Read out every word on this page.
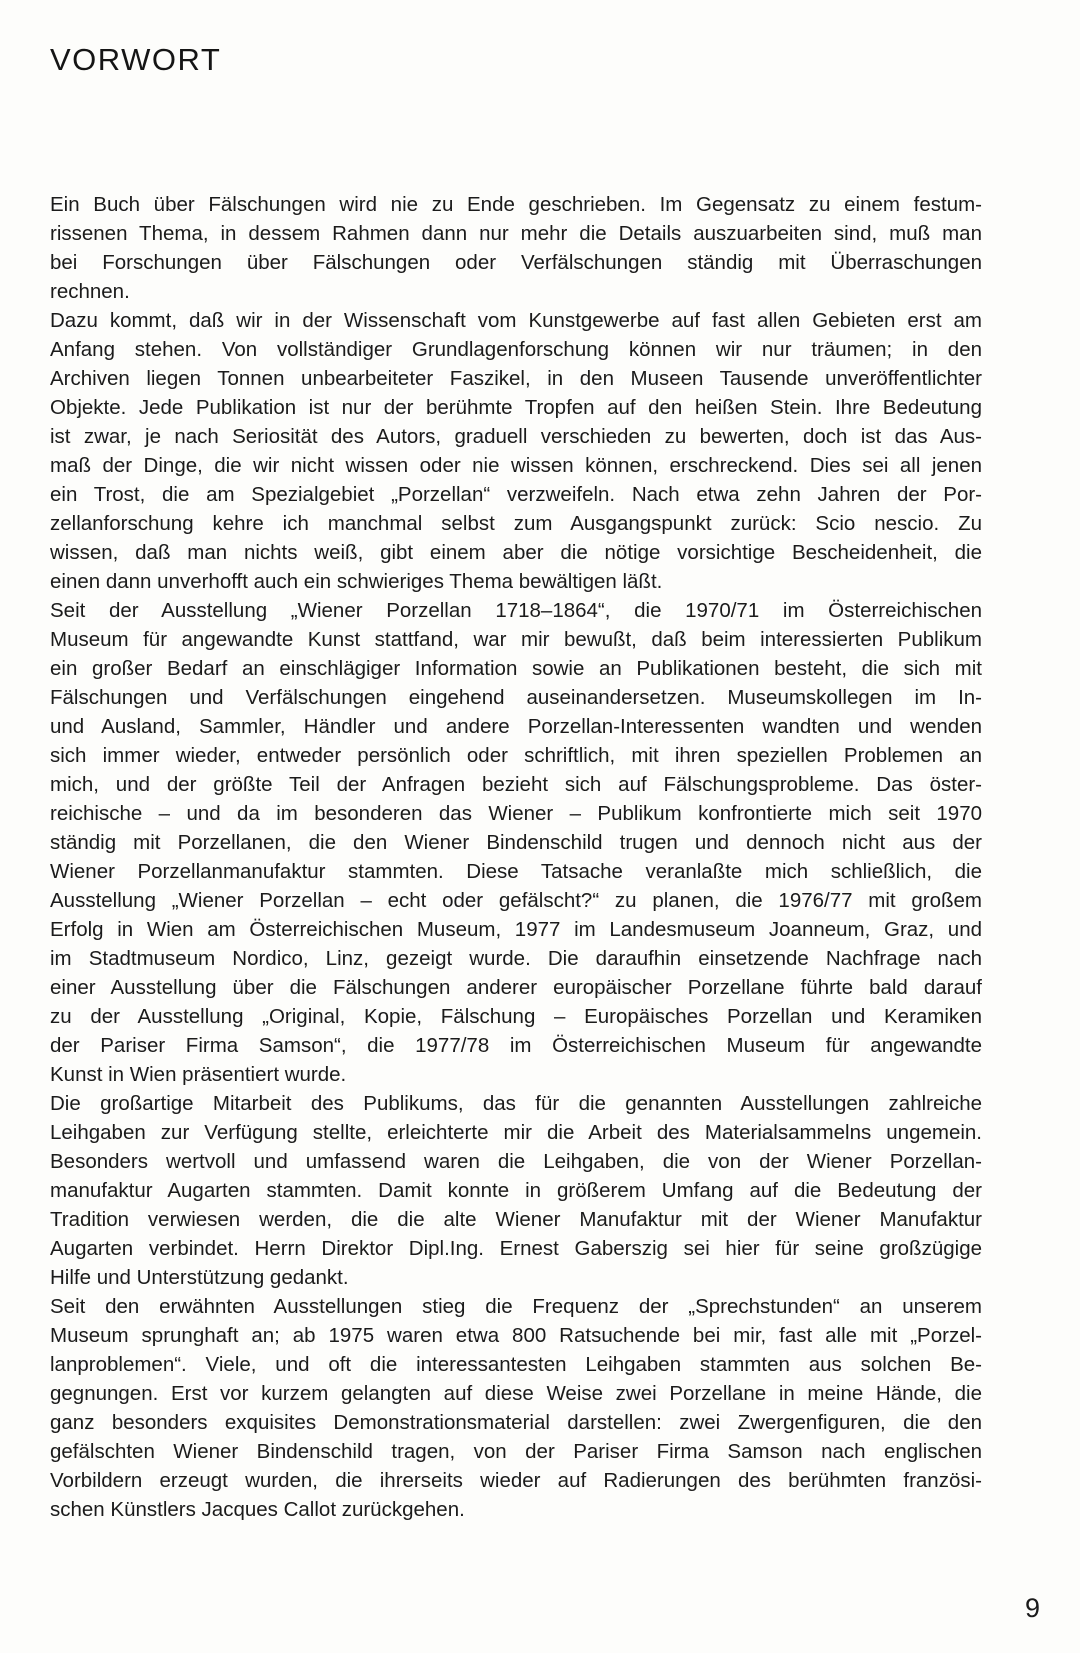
VORWORT
Ein Buch über Fälschungen wird nie zu Ende geschrieben. Im Gegensatz zu einem festum-
rissenen Thema, in dessem Rahmen dann nur mehr die Details auszuarbeiten sind, muß man
bei Forschungen über Fälschungen oder Verfälschungen ständig mit Überraschungen
rechnen.
Dazu kommt, daß wir in der Wissenschaft vom Kunstgewerbe auf fast allen Gebieten erst am
Anfang stehen. Von vollständiger Grundlagenforschung können wir nur träumen; in den
Archiven liegen Tonnen unbearbeiteter Faszikel, in den Museen Tausende unveröffentlichter
Objekte. Jede Publikation ist nur der berühmte Tropfen auf den heißen Stein. Ihre Bedeutung
ist zwar, je nach Seriosität des Autors, graduell verschieden zu bewerten, doch ist das Aus-
maß der Dinge, die wir nicht wissen oder nie wissen können, erschreckend. Dies sei all jenen
ein Trost, die am Spezialgebiet „Porzellan“ verzweifeln. Nach etwa zehn Jahren der Por-
zellanforschung kehre ich manchmal selbst zum Ausgangspunkt zurück: Scio nescio. Zu
wissen, daß man nichts weiß, gibt einem aber die nötige vorsichtige Bescheidenheit, die
einen dann unverhofft auch ein schwieriges Thema bewältigen läßt.
Seit der Ausstellung „Wiener Porzellan 1718–1864“, die 1970/71 im Österreichischen
Museum für angewandte Kunst stattfand, war mir bewußt, daß beim interessierten Publikum
ein großer Bedarf an einschlägiger Information sowie an Publikationen besteht, die sich mit
Fälschungen und Verfälschungen eingehend auseinandersetzen. Museumskollegen im In-
und Ausland, Sammler, Händler und andere Porzellan-Interessenten wandten und wenden
sich immer wieder, entweder persönlich oder schriftlich, mit ihren speziellen Problemen an
mich, und der größte Teil der Anfragen bezieht sich auf Fälschungsprobleme. Das öster-
reichische – und da im besonderen das Wiener – Publikum konfrontierte mich seit 1970
ständig mit Porzellanen, die den Wiener Bindenschild trugen und dennoch nicht aus der
Wiener Porzellanmanufaktur stammten. Diese Tatsache veranlaßte mich schließlich, die
Ausstellung „Wiener Porzellan – echt oder gefälscht?“ zu planen, die 1976/77 mit großem
Erfolg in Wien am Österreichischen Museum, 1977 im Landesmuseum Joanneum, Graz, und
im Stadtmuseum Nordico, Linz, gezeigt wurde. Die daraufhin einsetzende Nachfrage nach
einer Ausstellung über die Fälschungen anderer europäischer Porzellane führte bald darauf
zu der Ausstellung „Original, Kopie, Fälschung – Europäisches Porzellan und Keramiken
der Pariser Firma Samson“, die 1977/78 im Österreichischen Museum für angewandte
Kunst in Wien präsentiert wurde.
Die großartige Mitarbeit des Publikums, das für die genannten Ausstellungen zahlreiche
Leihgaben zur Verfügung stellte, erleichterte mir die Arbeit des Materialsammelns ungemein.
Besonders wertvoll und umfassend waren die Leihgaben, die von der Wiener Porzellan-
manufaktur Augarten stammten. Damit konnte in größerem Umfang auf die Bedeutung der
Tradition verwiesen werden, die die alte Wiener Manufaktur mit der Wiener Manufaktur
Augarten verbindet. Herrn Direktor Dipl.Ing. Ernest Gaberszig sei hier für seine großzügige
Hilfe und Unterstützung gedankt.
Seit den erwähnten Ausstellungen stieg die Frequenz der „Sprechstunden“ an unserem
Museum sprunghaft an; ab 1975 waren etwa 800 Ratsuchende bei mir, fast alle mit „Porzel-
lanproblemen“. Viele, und oft die interessantesten Leihgaben stammten aus solchen Be-
gegnungen. Erst vor kurzem gelangten auf diese Weise zwei Porzellane in meine Hände, die
ganz besonders exquisites Demonstrationsmaterial darstellen: zwei Zwergenfiguren, die den
gefälschten Wiener Bindenschild tragen, von der Pariser Firma Samson nach englischen
Vorbildern erzeugt wurden, die ihrerseits wieder auf Radierungen des berühmten französi-
schen Künstlers Jacques Callot zurückgehen.
9
